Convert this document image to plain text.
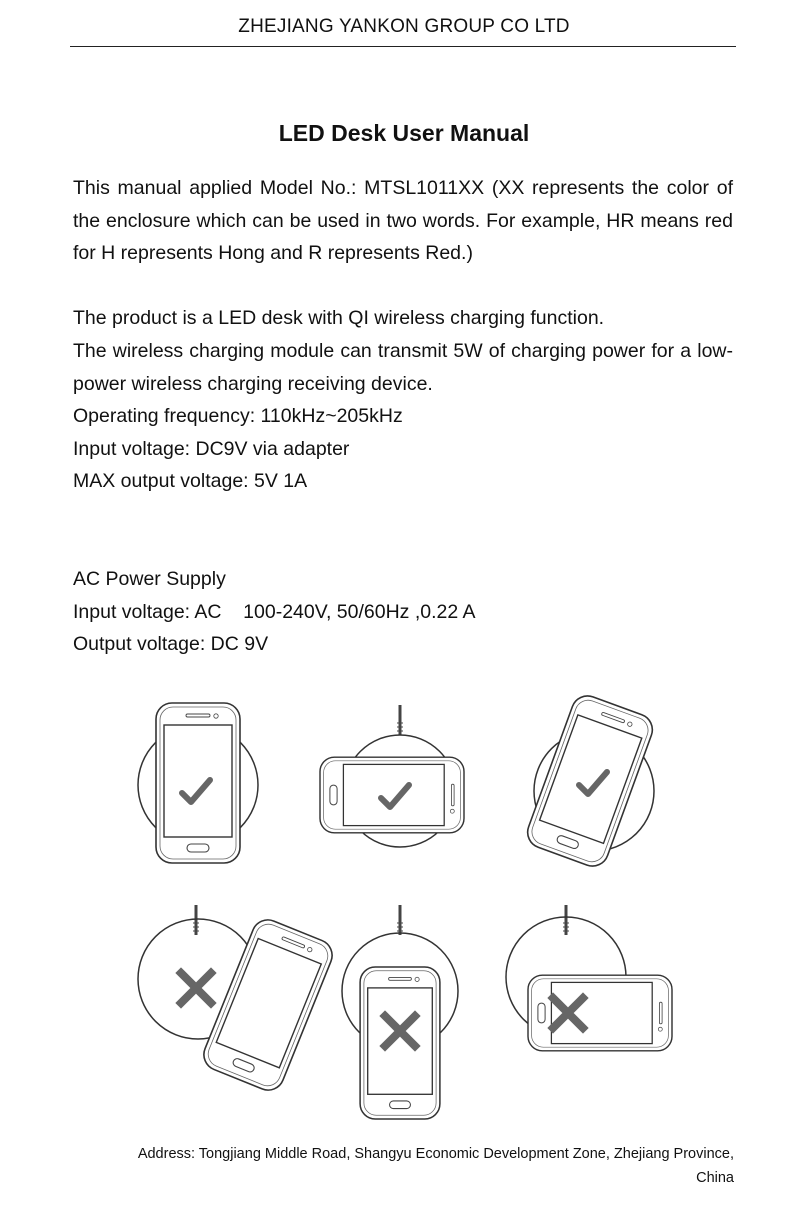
ZHEJIANG YANKON GROUP CO LTD
LED Desk User Manual

This manual applied Model No.: MTSL1011XX (XX represents the color of the enclosure which can be used in two words. For example, HR means red for H represents Hong and R represents Red.)

The product is a LED desk with QI wireless charging function.

The wireless charging module can transmit 5W of charging power for a low-power wireless charging receiving device.

Operating frequency: 110kHz~205kHz

Input voltage: DC9V via adapter

MAX output voltage: 5V 1A

AC Power Supply

Input voltage: AC    100-240V, 50/60Hz ,0.22 A

Output voltage: DC 9V

Address: Tongjiang Middle Road, Shangyu Economic Development Zone, Zhejiang Province,
China
